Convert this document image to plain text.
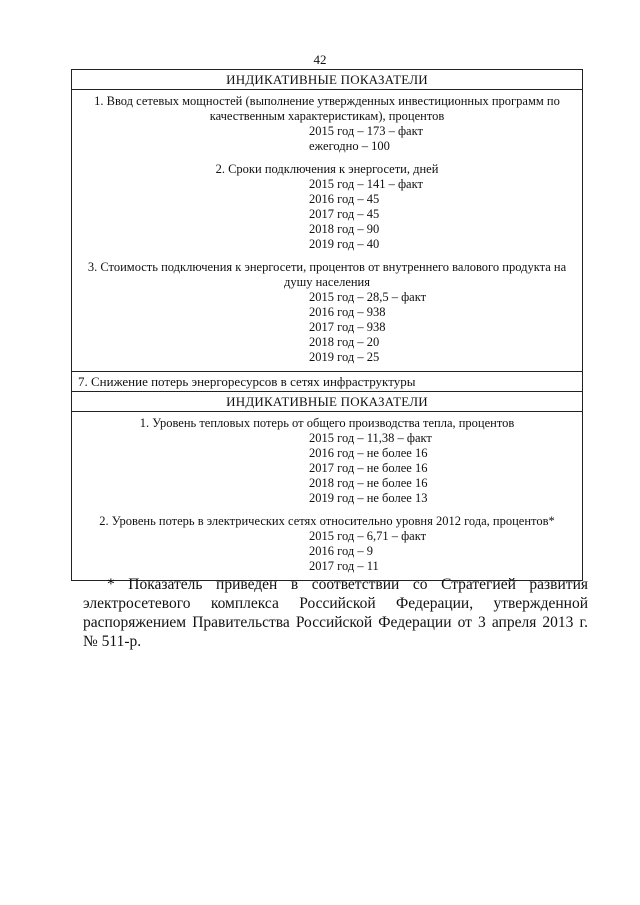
42
ИНДИКАТИВНЫЕ ПОКАЗАТЕЛИ
1. Ввод сетевых мощностей (выполнение утвержденных инвестиционных программ по качественным характеристикам), процентов
2015 год – 173 – факт
ежегодно – 100
2. Сроки подключения к энергосети, дней
2015 год – 141 – факт
2016 год – 45
2017 год – 45
2018 год – 90
2019 год – 40
3. Стоимость подключения к энергосети, процентов от внутреннего валового продукта на душу населения
2015 год – 28,5 – факт
2016 год – 938
2017 год – 938
2018 год – 20
2019 год – 25
7. Снижение потерь энергоресурсов в сетях инфраструктуры
ИНДИКАТИВНЫЕ ПОКАЗАТЕЛИ
1. Уровень тепловых потерь от общего производства тепла, процентов
2015 год – 11,38 – факт
2016 год – не более 16
2017 год – не более 16
2018 год – не более 16
2019 год – не более 13
2. Уровень потерь в электрических сетях относительно уровня 2012 года, процентов*
2015 год – 6,71 – факт
2016 год – 9
2017 год – 11
* Показатель приведен в соответствии со Стратегией развития электросетевого комплекса Российской Федерации, утвержденной распоряжением Правительства Российской Федерации от 3 апреля 2013 г. № 511-р.
